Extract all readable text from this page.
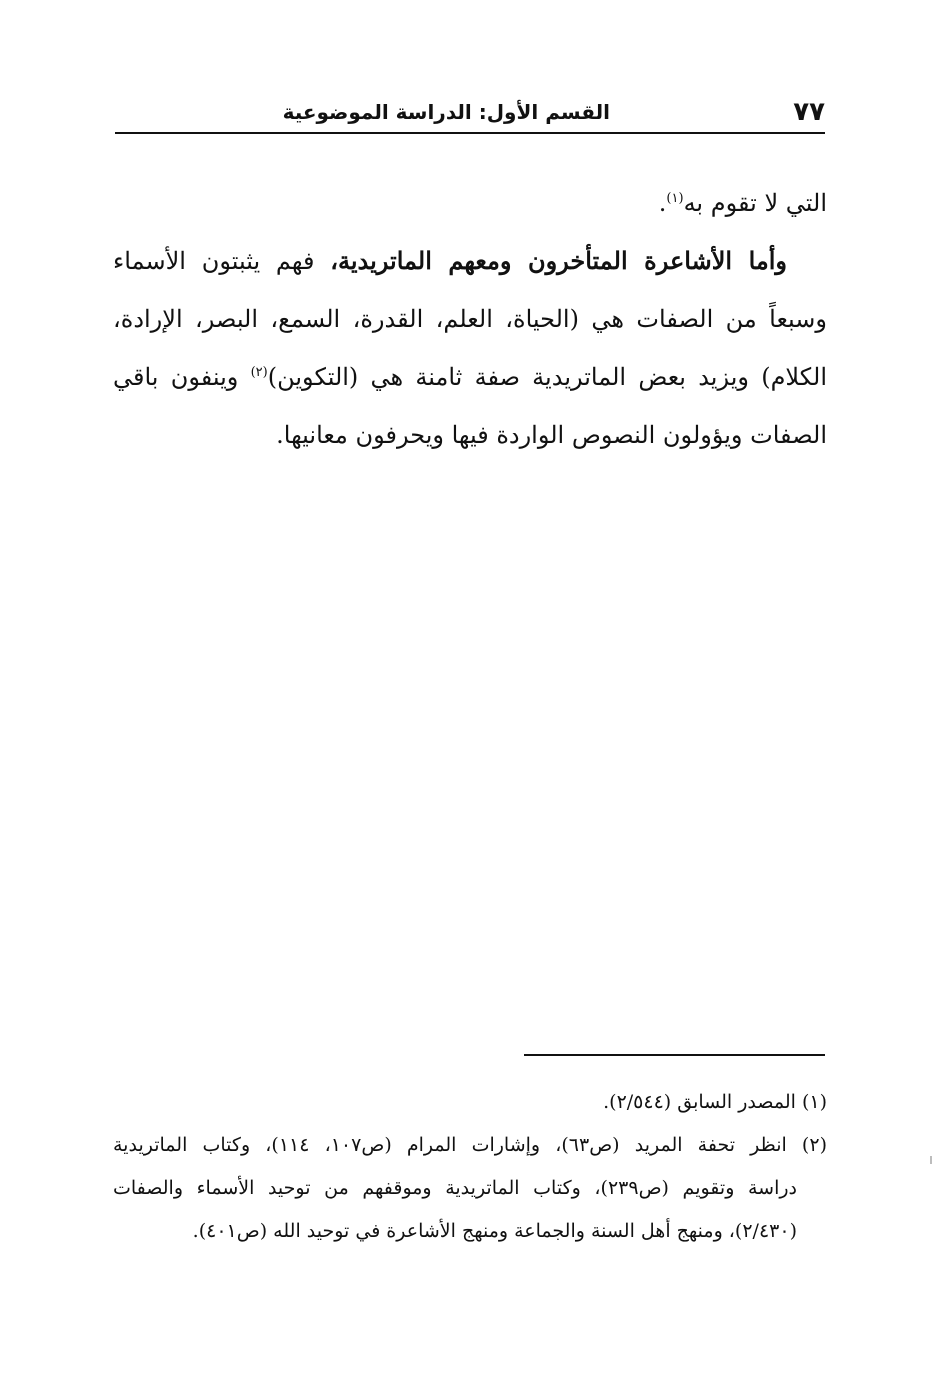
٧٧
القسم الأول: الدراسة الموضوعية
التي لا تقوم به$^{(١)}$.
وأما الأشاعرة المتأخرون ومعهم الماتريدية، فهم يثبتون الأسماء
وسبعاً من الصفات هي (الحياة، العلم، القدرة، السمع، البصر، الإرادة،
الكلام) ويزيد بعض الماتريدية صفة ثامنة هي (التكوين)$^{(٢)}$ وينفون باقي
الصفات ويؤولون النصوص الواردة فيها ويحرفون معانيها.
(١) المصدر السابق (٢/٥٤٤).
(٢) انظر تحفة المريد (ص٦٣)، وإشارات المرام (ص١٠٧، ١١٤)، وكتاب الماتريدية
دراسة وتقويم (ص٢٣٩)، وكتاب الماتريدية وموقفهم من توحيد الأسماء والصفات
(٢/٤٣٠)، ومنهج أهل السنة والجماعة ومنهج الأشاعرة في توحيد الله (ص٤٠١).
